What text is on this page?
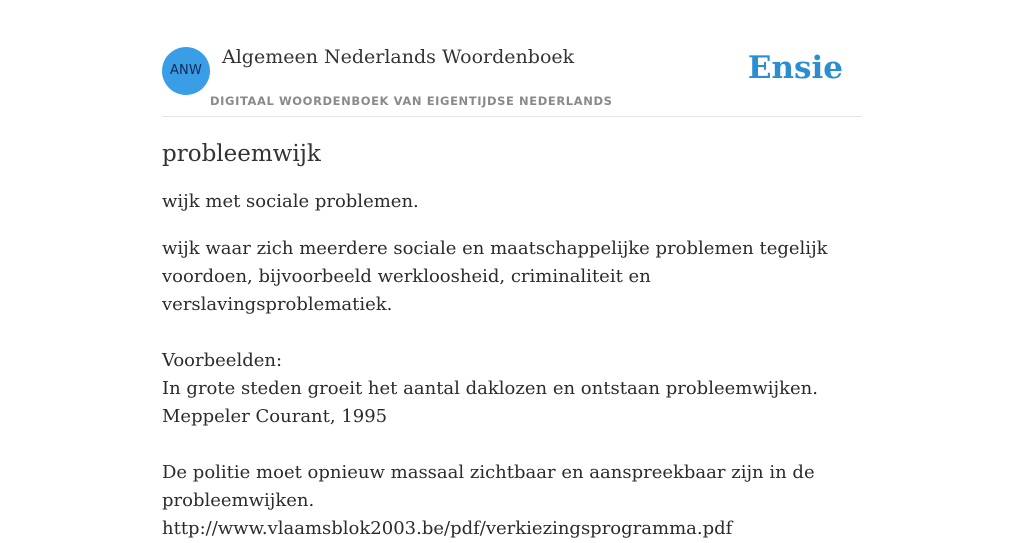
ANW
Algemeen Nederlands Woordenboek
DIGITAAL WOORDENBOEK VAN EIGENTIJDSE NEDERLANDS
Ensie
probleemwijk

wijk met sociale problemen.

wijk waar zich meerdere sociale en maatschappelijke problemen tegelijk voordoen, bijvoorbeeld werkloosheid, criminaliteit en verslavingsproblematiek.

Voorbeelden:
In grote steden groeit het aantal daklozen en ontstaan probleemwijken.
Meppeler Courant, 1995
De politie moet opnieuw massaal zichtbaar en aanspreekbaar zijn in de probleemwijken.
http://www.vlaamsblok2003.be/pdf/verkiezingsprogramma.pdf
